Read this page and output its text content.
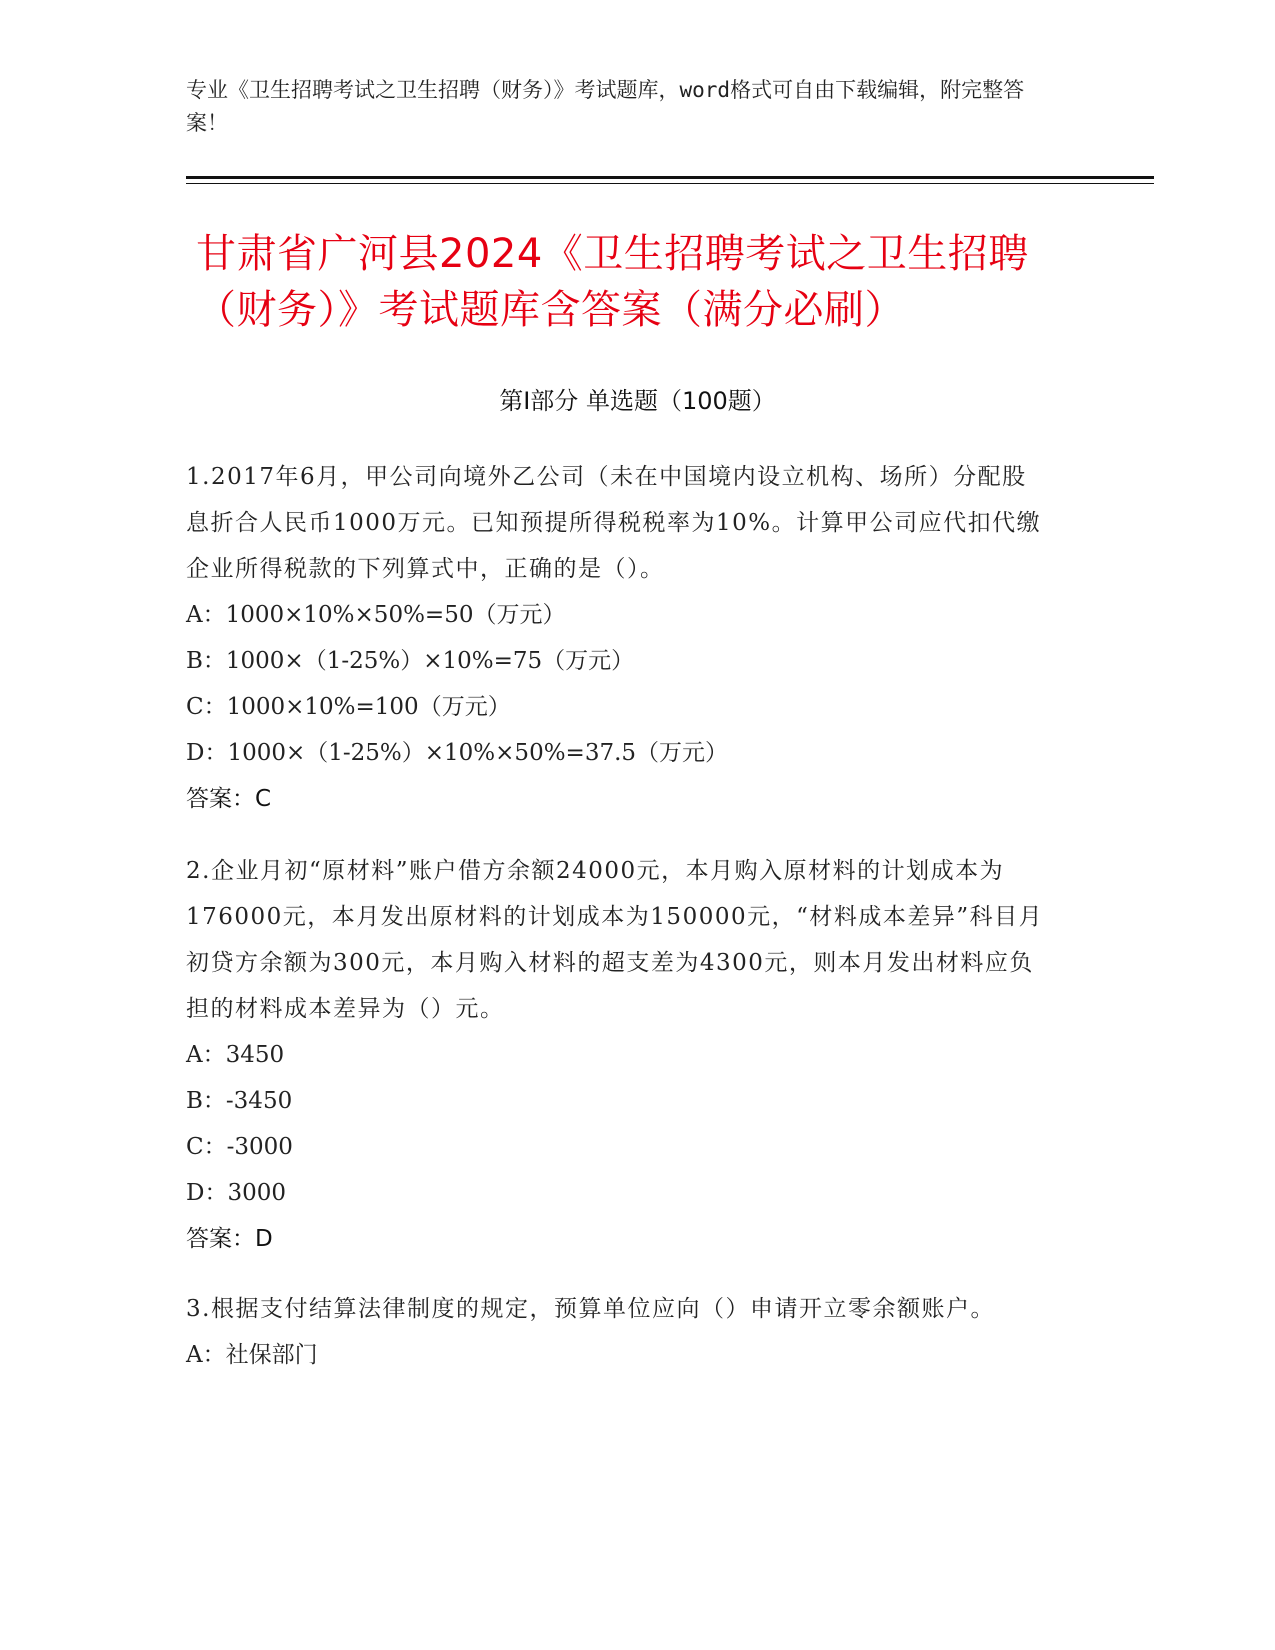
专业《卫生招聘考试之卫生招聘（财务）》考试题库，word格式可自由下载编辑，附完整答案！
甘肃省广河县2024《卫生招聘考试之卫生招聘（财务）》考试题库含答案（满分必刷）
第I部分 单选题（100题）
1.2017年6月，甲公司向境外乙公司（未在中国境内设立机构、场所）分配股息折合人民币1000万元。已知预提所得税税率为10%。计算甲公司应代扣代缴企业所得税款的下列算式中，正确的是（）。
A：1000×10%×50%=50（万元）
B：1000×（1-25%）×10%=75（万元）
C：1000×10%=100（万元）
D：1000×（1-25%）×10%×50%=37.5（万元）
答案：C
2.企业月初“原材料”账户借方余额24000元，本月购入原材料的计划成本为176000元，本月发出原材料的计划成本为150000元，“材料成本差异”科目月初贷方余额为300元，本月购入材料的超支差为4300元，则本月发出材料应负担的材料成本差异为（）元。
A：3450
B：-3450
C：-3000
D：3000
答案：D
3.根据支付结算法律制度的规定，预算单位应向（）申请开立零余额账户。
A：社保部门
